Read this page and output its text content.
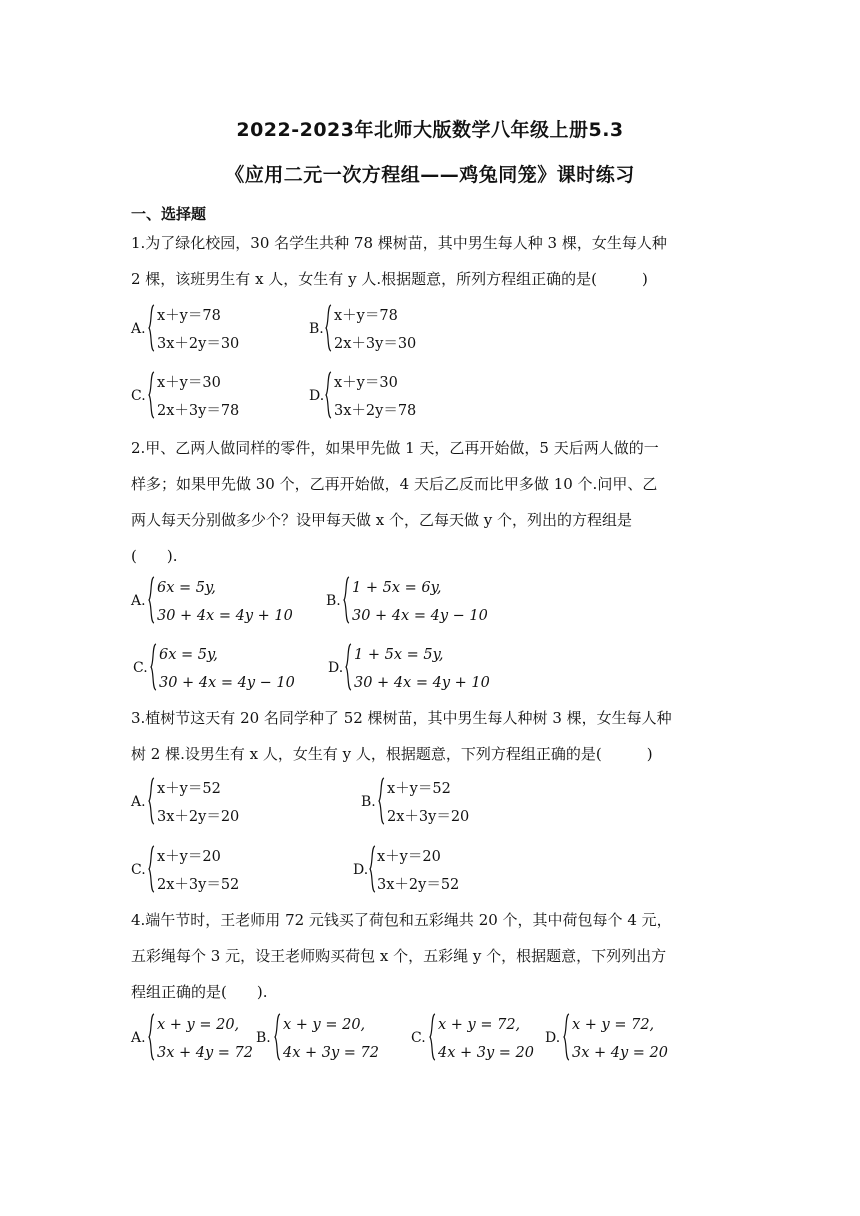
2022-2023年北师大版数学八年级上册5.3
《应用二元一次方程组——鸡兔同笼》课时练习
一、选择题
1.为了绿化校园，30 名学生共种 78 棵树苗，其中男生每人种 3 棵，女生每人种
2 棵，该班男生有 x 人，女生有 y 人.根据题意，所列方程组正确的是(　　　)
A.
x＋y＝78
3x＋2y＝30
B.
x＋y＝78
2x＋3y＝30
C.
x＋y＝30
2x＋3y＝78
D.
x＋y＝30
3x＋2y＝78
2.甲、乙两人做同样的零件，如果甲先做 1 天，乙再开始做，5 天后两人做的一
样多；如果甲先做 30 个，乙再开始做，4 天后乙反而比甲多做 10 个.问甲、乙
两人每天分别做多少个？设甲每天做 x 个，乙每天做 y 个，列出的方程组是
(　　).
A.
6x = 5y,
30 + 4x = 4y + 10
B.
1 + 5x = 6y,
30 + 4x = 4y − 10
C.
6x = 5y,
30 + 4x = 4y − 10
D.
1 + 5x = 5y,
30 + 4x = 4y + 10
3.植树节这天有 20 名同学种了 52 棵树苗，其中男生每人种树 3 棵，女生每人种
树 2 棵.设男生有 x 人，女生有 y 人，根据题意，下列方程组正确的是(　　　)
A.
x＋y＝52
3x＋2y＝20
B.
x＋y＝52
2x＋3y＝20
C.
x＋y＝20
2x＋3y＝52
D.
x＋y＝20
3x＋2y＝52
4.端午节时，王老师用 72 元钱买了荷包和五彩绳共 20 个，其中荷包每个 4 元，
五彩绳每个 3 元，设王老师购买荷包 x 个，五彩绳 y 个，根据题意，下列列出方
程组正确的是(　　).
A.
x + y = 20,
3x + 4y = 72
B.
x + y = 20,
4x + 3y = 72
C.
x + y = 72,
4x + 3y = 20
D.
x + y = 72,
3x + 4y = 20
